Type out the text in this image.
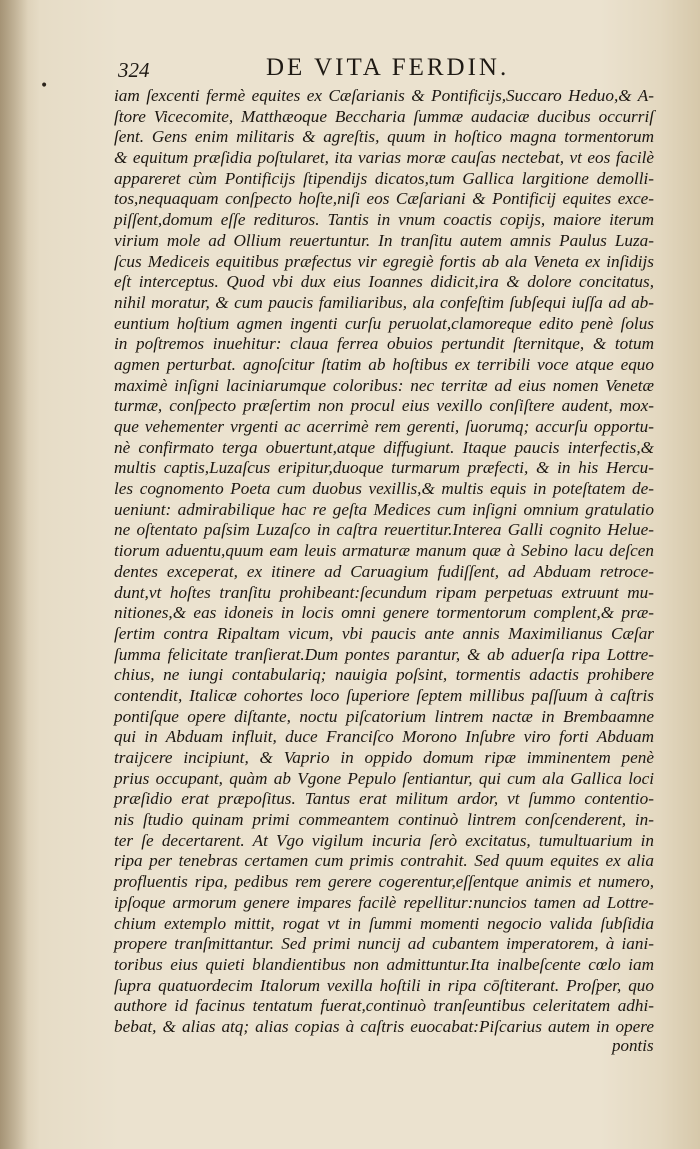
•
324	DE VITA FERDIN.
iam ſexcenti fermè equites ex Cæſarianis & Pontificijs,Succaro Heduo,& A-
ſtore Vicecomite, Matthæoque Beccharia ſummæ audaciæ ducibus occurriſ
ſent. Gens enim militaris & agreſtis, quum in hoſtico magna tormentorum
& equitum præſidia poſtularet, ita varias moræ cauſas nectebat, vt eos facilè
appareret cùm Pontificijs ſtipendijs dicatos,tum Gallica largitione demolli-
tos,nequaquam conſpecto hoſte,niſi eos Cæſariani & Pontificij equites exce-
piſſent,domum eſſe redituros. Tantis in vnum coactis copijs, maiore iterum
virium mole ad Ollium reuertuntur. In tranſitu autem amnis Paulus Luza-
ſcus Mediceis equitibus præfectus vir egregiè fortis ab ala Veneta ex inſidijs
eſt interceptus. Quod vbi dux eius Ioannes didicit,ira & dolore concitatus,
nihil moratur, & cum paucis familiaribus, ala confeſtim ſubſequi iuſſa ad ab-
euntium hoſtium agmen ingenti curſu peruolat,clamoreque edito penè ſolus
in poſtremos inuehitur: claua ferrea obuios pertundit ſternitque, & totum
agmen perturbat. agnoſcitur ſtatim ab hoſtibus ex terribili voce atque equo
maximè inſigni laciniarumque coloribus: nec territæ ad eius nomen Venetæ
turmæ, conſpecto præſertim non procul eius vexillo conſiſtere audent, mox-
que vehementer vrgenti ac acerrimè rem gerenti, ſuorumq; accurſu opportu-
nè confirmato terga obuertunt,atque diffugiunt. Itaque paucis interfectis,&
multis captis,Luzaſcus eripitur,duoque turmarum præfecti, & in his Hercu-
les cognomento Poeta cum duobus vexillis,& multis equis in poteſtatem de-
ueniunt: admirabilique hac re geſta Medices cum inſigni omnium gratulatio
ne oſtentato paſsim Luzaſco in caſtra reuertitur.Interea Galli cognito Helue-
tiorum aduentu,quum eam leuis armaturæ manum quæ à Sebino lacu deſcen
dentes exceperat, ex itinere ad Caruagium fudiſſent, ad Abduam retroce-
dunt,vt hoſtes tranſitu prohibeant:ſecundum ripam perpetuas extruunt mu-
nitiones,& eas idoneis in locis omni genere tormentorum complent,& præ-
ſertim contra Ripaltam vicum, vbi paucis ante annis Maximilianus Cæſar
ſumma felicitate tranſierat.Dum pontes parantur, & ab aduerſa ripa Lottre-
chius, ne iungi contabulariq; nauigia poſsint, tormentis adactis prohibere
contendit, Italicæ cohortes loco ſuperiore ſeptem millibus paſſuum à caſtris
pontiſque opere diſtante, noctu piſcatorium lintrem nactæ in Brembaamne
qui in Abduam influit, duce Franciſco Morono Inſubre viro forti Abduam
traijcere incipiunt, & Vaprio in oppido domum ripæ imminentem penè
prius occupant, quàm ab Vgone Pepulo ſentiantur, qui cum ala Gallica loci
præſidio erat præpoſitus. Tantus erat militum ardor, vt ſummo contentio-
nis ſtudio quinam primi commeantem continuò lintrem conſcenderent, in-
ter ſe decertarent. At Vgo vigilum incuria ſerò excitatus, tumultuarium in
ripa per tenebras certamen cum primis contrahit. Sed quum equites ex alia
profluentis ripa, pedibus rem gerere cogerentur,eſſentque animis et numero,
ipſoque armorum genere impares facilè repellitur:nuncios tamen ad Lottre-
chium extemplo mittit, rogat vt in ſummi momenti negocio valida ſubſidia
propere tranſmittantur. Sed primi nuncij ad cubantem imperatorem, à iani-
toribus eius quieti blandientibus non admittuntur.Ita inalbeſcente cœlo iam
ſupra quatuordecim Italorum vexilla hoſtili in ripa cōſtiterant. Proſper, quo
authore id facinus tentatum fuerat,continuò tranſeuntibus celeritatem adhi-
bebat, & alias atq; alias copias à caſtris euocabat:Piſcarius autem in opere
pontis
